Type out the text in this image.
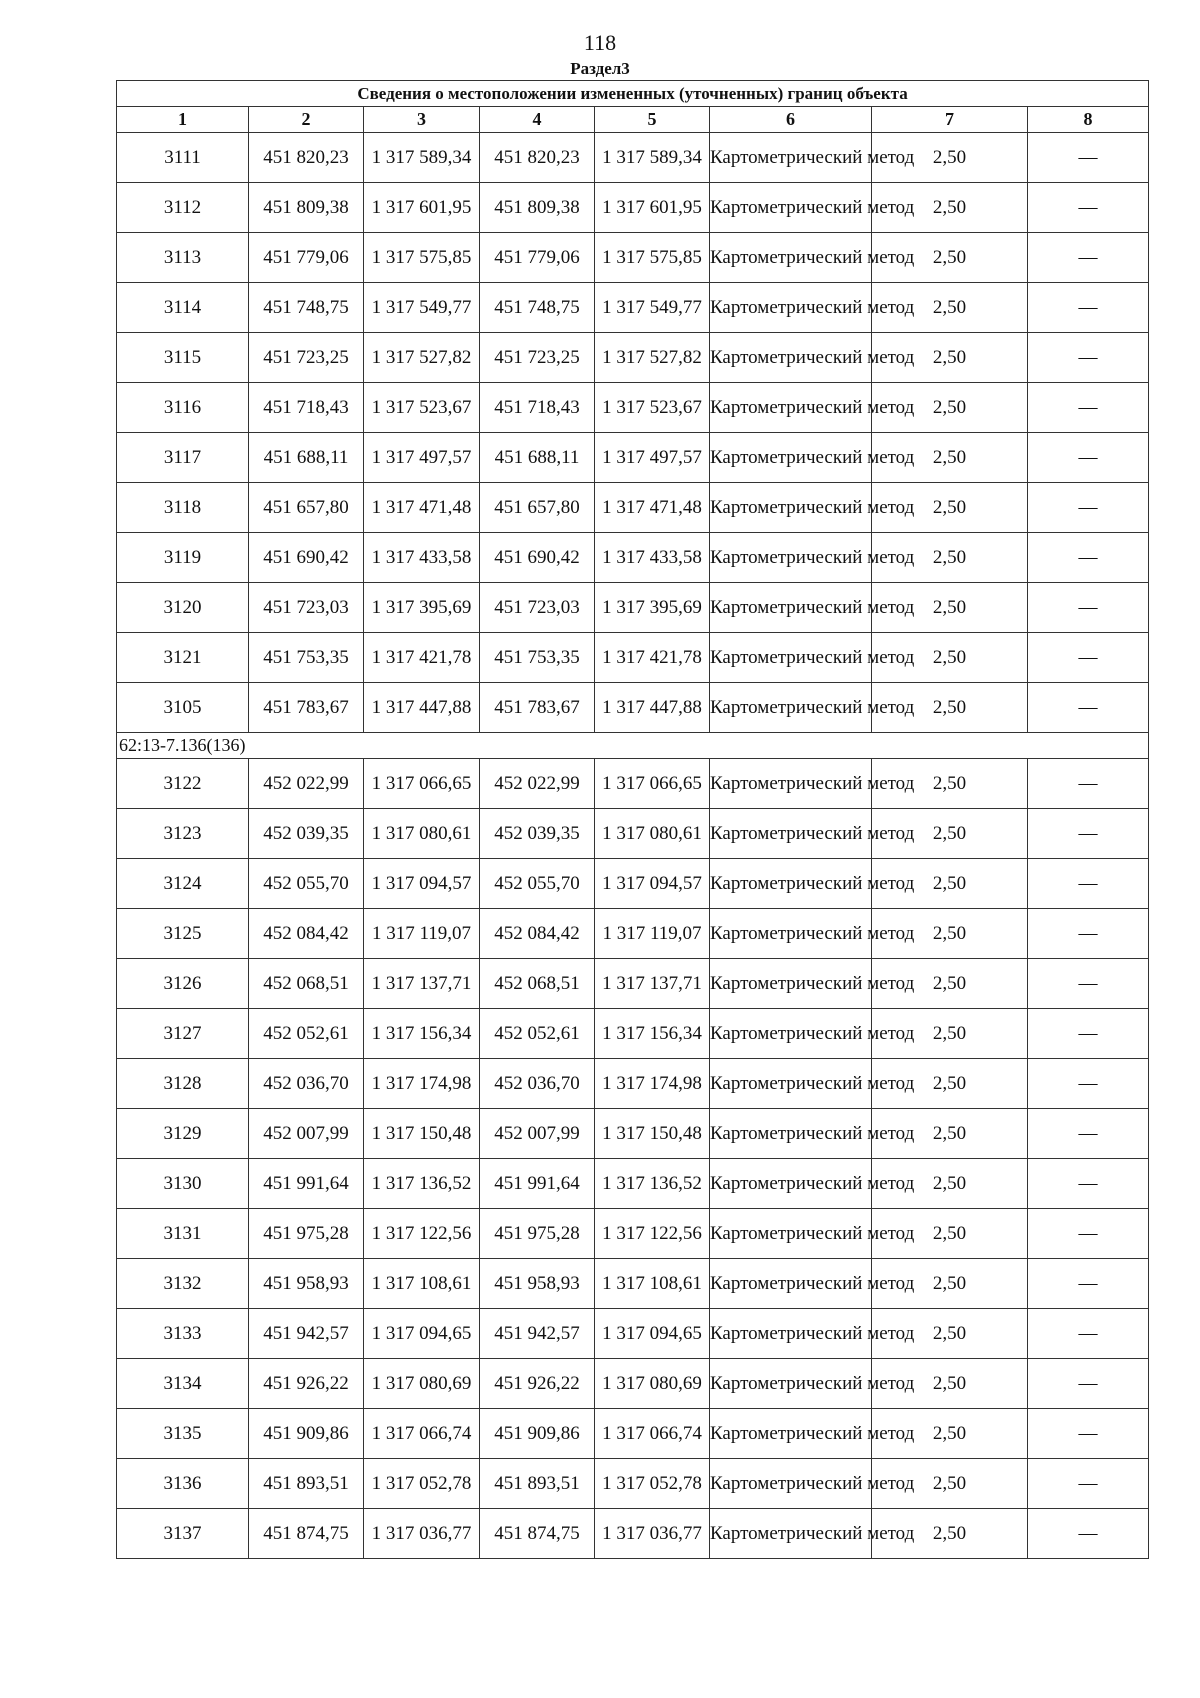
118
Раздел3
Сведения о местоположении измененных (уточненных) границ объекта							
1	2	3	4	5	6	7	8
3111	451 820,23	1 317 589,34	451 820,23	1 317 589,34	Картометрический метод	2,50	—
3112	451 809,38	1 317 601,95	451 809,38	1 317 601,95	Картометрический метод	2,50	—
3113	451 779,06	1 317 575,85	451 779,06	1 317 575,85	Картометрический метод	2,50	—
3114	451 748,75	1 317 549,77	451 748,75	1 317 549,77	Картометрический метод	2,50	—
3115	451 723,25	1 317 527,82	451 723,25	1 317 527,82	Картометрический метод	2,50	—
3116	451 718,43	1 317 523,67	451 718,43	1 317 523,67	Картометрический метод	2,50	—
3117	451 688,11	1 317 497,57	451 688,11	1 317 497,57	Картометрический метод	2,50	—
3118	451 657,80	1 317 471,48	451 657,80	1 317 471,48	Картометрический метод	2,50	—
3119	451 690,42	1 317 433,58	451 690,42	1 317 433,58	Картометрический метод	2,50	—
3120	451 723,03	1 317 395,69	451 723,03	1 317 395,69	Картометрический метод	2,50	—
3121	451 753,35	1 317 421,78	451 753,35	1 317 421,78	Картометрический метод	2,50	—
3105	451 783,67	1 317 447,88	451 783,67	1 317 447,88	Картометрический метод	2,50	—
62:13-7.136(136)							
3122	452 022,99	1 317 066,65	452 022,99	1 317 066,65	Картометрический метод	2,50	—
3123	452 039,35	1 317 080,61	452 039,35	1 317 080,61	Картометрический метод	2,50	—
3124	452 055,70	1 317 094,57	452 055,70	1 317 094,57	Картометрический метод	2,50	—
3125	452 084,42	1 317 119,07	452 084,42	1 317 119,07	Картометрический метод	2,50	—
3126	452 068,51	1 317 137,71	452 068,51	1 317 137,71	Картометрический метод	2,50	—
3127	452 052,61	1 317 156,34	452 052,61	1 317 156,34	Картометрический метод	2,50	—
3128	452 036,70	1 317 174,98	452 036,70	1 317 174,98	Картометрический метод	2,50	—
3129	452 007,99	1 317 150,48	452 007,99	1 317 150,48	Картометрический метод	2,50	—
3130	451 991,64	1 317 136,52	451 991,64	1 317 136,52	Картометрический метод	2,50	—
3131	451 975,28	1 317 122,56	451 975,28	1 317 122,56	Картометрический метод	2,50	—
3132	451 958,93	1 317 108,61	451 958,93	1 317 108,61	Картометрический метод	2,50	—
3133	451 942,57	1 317 094,65	451 942,57	1 317 094,65	Картометрический метод	2,50	—
3134	451 926,22	1 317 080,69	451 926,22	1 317 080,69	Картометрический метод	2,50	—
3135	451 909,86	1 317 066,74	451 909,86	1 317 066,74	Картометрический метод	2,50	—
3136	451 893,51	1 317 052,78	451 893,51	1 317 052,78	Картометрический метод	2,50	—
3137	451 874,75	1 317 036,77	451 874,75	1 317 036,77	Картометрический метод	2,50	—
